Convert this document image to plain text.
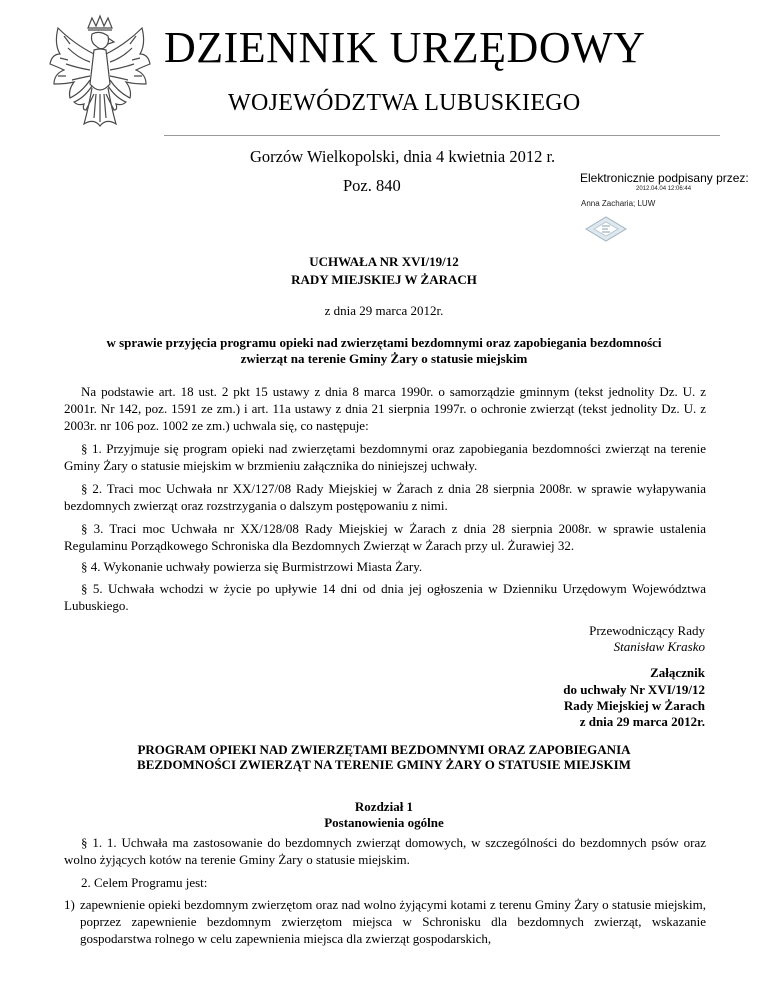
DZIENNIK URZĘDOWY
WOJEWÓDZTWA LUBUSKIEGO
Gorzów Wielkopolski, dnia 4 kwietnia 2012 r.
Poz. 840	Elektronicznie podpisany przez:
2012.04.04 12:06:44
Anna Zacharia; LUW
UCHWAŁA NR XVI/19/12
RADY MIEJSKIEJ W ŻARACH
z dnia 29 marca 2012r.
w sprawie przyjęcia programu opieki nad zwierzętami bezdomnymi oraz zapobiegania bezdomności
zwierząt na terenie Gminy Żary o statusie miejskim
Na podstawie art. 18 ust. 2 pkt 15 ustawy z dnia 8 marca 1990r. o samorządzie gminnym (tekst jednolity Dz. U. z 2001r. Nr 142, poz. 1591 ze zm.) i art. 11a ustawy z dnia 21 sierpnia 1997r. o ochronie zwierząt (tekst jednolity Dz. U. z 2003r. nr 106 poz. 1002 ze zm.) uchwala się, co następuje:
§ 1. Przyjmuje się program opieki nad zwierzętami bezdomnymi oraz zapobiegania bezdomności zwierząt na terenie Gminy Żary o statusie miejskim w brzmieniu załącznika do niniejszej uchwały.
§ 2. Traci moc Uchwała nr XX/127/08 Rady Miejskiej w Żarach z dnia 28 sierpnia 2008r. w sprawie wyłapywania bezdomnych zwierząt oraz rozstrzygania o dalszym postępowaniu z nimi.
§ 3. Traci moc Uchwała nr XX/128/08 Rady Miejskiej w Żarach z dnia 28 sierpnia 2008r. w sprawie ustalenia Regulaminu Porządkowego Schroniska dla Bezdomnych Zwierząt w Żarach przy ul. Żurawiej 32.
§ 4. Wykonanie uchwały powierza się Burmistrzowi Miasta Żary.
§ 5. Uchwała wchodzi w życie po upływie 14 dni od dnia jej ogłoszenia w Dzienniku Urzędowym Województwa Lubuskiego.
Przewodniczący Rady
Stanisław Krasko
Załącznik
do uchwały Nr XVI/19/12
Rady Miejskiej w Żarach
z dnia 29 marca 2012r.
PROGRAM OPIEKI NAD ZWIERZĘTAMI BEZDOMNYMI ORAZ ZAPOBIEGANIA
BEZDOMNOŚCI ZWIERZĄT NA TERENIE GMINY ŻARY O STATUSIE MIEJSKIM
Rozdział 1
Postanowienia ogólne
§ 1. 1. Uchwała ma zastosowanie do bezdomnych zwierząt domowych, w szczególności do bezdomnych psów oraz wolno żyjących kotów na terenie Gminy Żary o statusie miejskim.
2. Celem Programu jest:
1) zapewnienie opieki bezdomnym zwierzętom oraz nad wolno żyjącymi kotami z terenu Gminy Żary o statusie miejskim, poprzez zapewnienie bezdomnym zwierzętom miejsca w Schronisku dla bezdomnych zwierząt, wskazanie gospodarstwa rolnego w celu zapewnienia miejsca dla zwierząt gospodarskich,
